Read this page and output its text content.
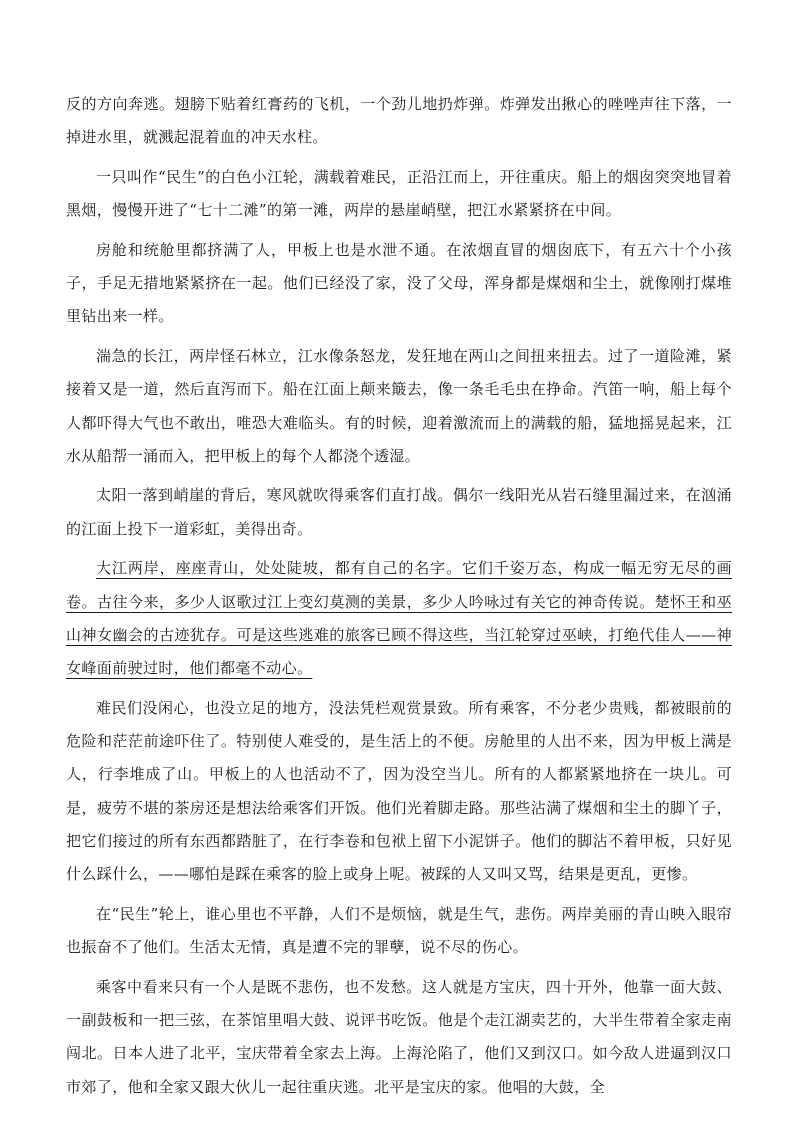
反的方向奔逃。翅膀下贴着红膏药的飞机，一个劲儿地扔炸弹。炸弹发出揪心的唑唑声往下落，一掉进水里，就溅起混着血的冲天水柱。

一只叫作“民生”的白色小江轮，满载着难民，正沿江而上，开往重庆。船上的烟囱突突地冒着黑烟，慢慢开进了“七十二滩”的第一滩，两岸的悬崖峭壁，把江水紧紧挤在中间。

房舱和统舱里都挤满了人，甲板上也是水泄不通。在浓烟直冒的烟囱底下，有五六十个小孩子，手足无措地紧紧挤在一起。他们已经没了家，没了父母，浑身都是煤烟和尘土，就像刚打煤堆里钻出来一样。

湍急的长江，两岸怪石林立，江水像条怒龙，发狂地在两山之间扭来扭去。过了一道险滩，紧接着又是一道，然后直泻而下。船在江面上颠来簸去，像一条毛毛虫在挣命。汽笛一响，船上每个人都吓得大气也不敢出，唯恐大难临头。有的时候，迎着激流而上的满载的船，猛地摇晃起来，江水从船帮一涌而入，把甲板上的每个人都浇个透湿。

太阳一落到峭崖的背后，寒风就吹得乘客们直打战。偶尔一线阳光从岩石缝里漏过来，在汹涌的江面上投下一道彩虹，美得出奇。

大江两岸，座座青山，处处陡坡，都有自己的名字。它们千姿万态，构成一幅无穷无尽的画卷。古往今来，多少人讴歌过江上变幻莫测的美景，多少人吟咏过有关它的神奇传说。楚怀王和巫山神女幽会的古迹犹存。可是这些逃难的旅客已顾不得这些，当江轮穿过巫峡，打绝代佳人——神女峰面前驶过时，他们都毫不动心。

难民们没闲心，也没立足的地方，没法凭栏观赏景致。所有乘客，不分老少贵贱，都被眼前的危险和茫茫前途吓住了。特别使人难受的，是生活上的不便。房舱里的人出不来，因为甲板上满是人，行李堆成了山。甲板上的人也活动不了，因为没空当儿。所有的人都紧紧地挤在一块儿。可是，疲劳不堪的茶房还是想法给乘客们开饭。他们光着脚走路。那些沾满了煤烟和尘土的脚丫子，把它们接过的所有东西都踏脏了，在行李卷和包袱上留下小泥饼子。他们的脚沾不着甲板，只好见什么踩什么，——哪怕是踩在乘客的脸上或身上呢。被踩的人又叫又骂，结果是更乱，更惨。

在“民生”轮上，谁心里也不平静，人们不是烦恼，就是生气，悲伤。两岸美丽的青山映入眼帘也振奋不了他们。生活太无情，真是遭不完的罪孽，说不尽的伤心。

乘客中看来只有一个人是既不悲伤，也不发愁。这人就是方宝庆，四十开外，他靠一面大鼓、一副鼓板和一把三弦，在茶馆里唱大鼓、说评书吃饭。他是个走江湖卖艺的，大半生带着全家走南闯北。日本人进了北平，宝庆带着全家去上海。上海沦陷了，他们又到汉口。如今敌人进逼到汉口市郊了，他和全家又跟大伙儿一起往重庆逃。北平是宝庆的家。他唱的大鼓，全
